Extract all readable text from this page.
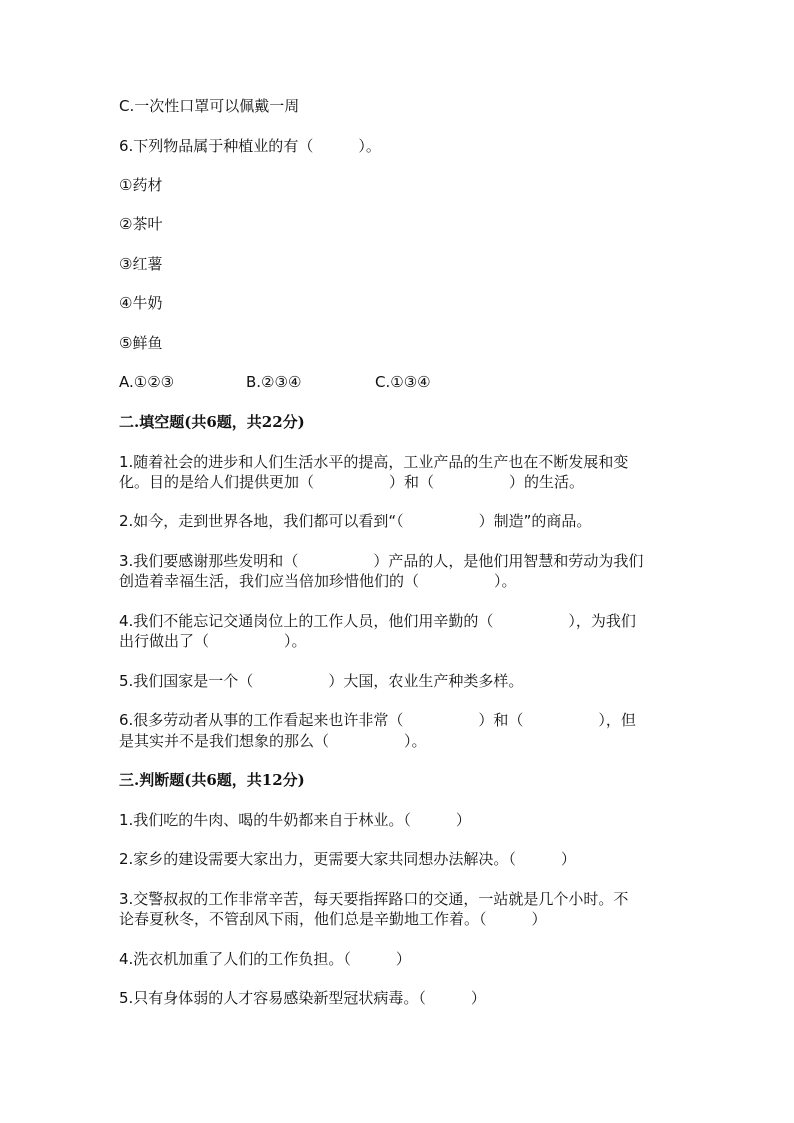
C.一次性口罩可以佩戴一周
6.下列物品属于种植业的有（　　　）。
①药材
②茶叶
③红薯
④牛奶
⑤鲜鱼
A.①②③	B.②③④	C.①③④
二.填空题(共6题，共22分)
1.随着社会的进步和人们生活水平的提高，工业产品的生产也在不断发展和变
化。目的是给人们提供更加（　　　　　）和（　　　　　）的生活。
2.如今，走到世界各地，我们都可以看到“（　　　　　）制造”的商品。
3.我们要感谢那些发明和（　　　　　）产品的人，是他们用智慧和劳动为我们
创造着幸福生活，我们应当倍加珍惜他们的（　　　　　）。
4.我们不能忘记交通岗位上的工作人员，他们用辛勤的（　　　　　），为我们
出行做出了（　　　　　）。
5.我们国家是一个（　　　　　）大国，农业生产种类多样。
6.很多劳动者从事的工作看起来也许非常（　　　　　）和（　　　　　），但
是其实并不是我们想象的那么（　　　　　）。
三.判断题(共6题，共12分)
1.我们吃的牛肉、喝的牛奶都来自于林业。（　　　）
2.家乡的建设需要大家出力，更需要大家共同想办法解决。（　　　）
3.交警叔叔的工作非常辛苦，每天要指挥路口的交通，一站就是几个小时。不
论春夏秋冬，不管刮风下雨，他们总是辛勤地工作着。（　　　）
4.洗衣机加重了人们的工作负担。（　　　）
5.只有身体弱的人才容易感染新型冠状病毒。（　　　）
